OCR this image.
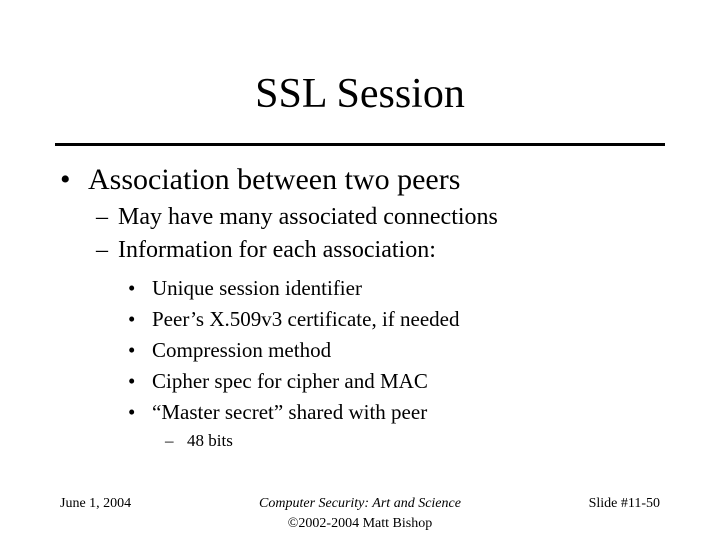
SSL Session
• Association between two peers
– May have many associated connections
– Information for each association:
• Unique session identifier
• Peer’s X.509v3 certificate, if needed
• Compression method
• Cipher spec for cipher and MAC
• “Master secret” shared with peer
– 48 bits
June 1, 2004	Computer Security: Art and Science
©2002-2004 Matt Bishop
Slide #11-50
